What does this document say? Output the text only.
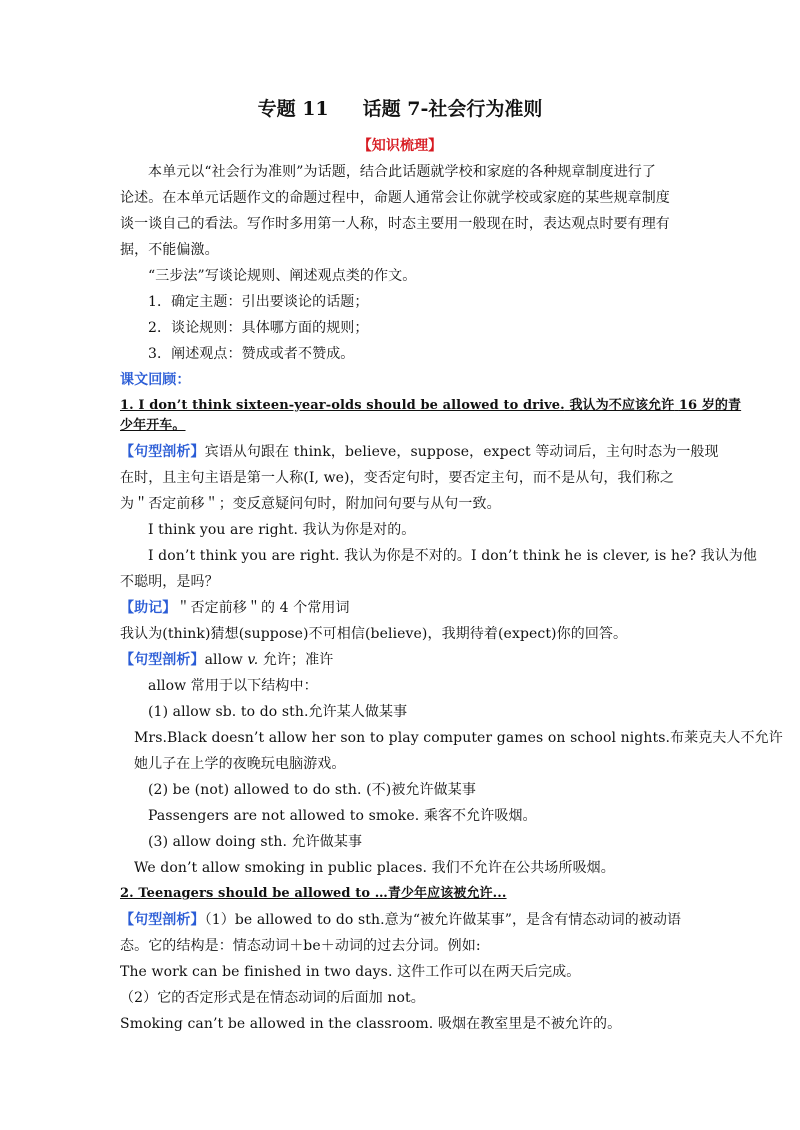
专题 11 话题 7-社会行为准则
【知识梳理】
本单元以“社会行为准则”为话题，结合此话题就学校和家庭的各种规章制度进行了
论述。在本单元话题作文的命题过程中，命题人通常会让你就学校或家庭的某些规章制度
谈一谈自己的看法。写作时多用第一人称，时态主要用一般现在时，表达观点时要有理有
据，不能偏激。
“三步法”写谈论规则、阐述观点类的作文。
1．确定主题：引出要谈论的话题；
2．谈论规则：具体哪方面的规则；
3．阐述观点：赞成或者不赞成。
课文回顾：
1. I don’t think sixteen-year-olds should be allowed to drive. 我认为不应该允许 16 岁的青
少年开车。
【句型剖析】宾语从句跟在 think，believe，suppose，expect 等动词后，主句时态为一般现
在时，且主句主语是第一人称(I, we)，变否定句时，要否定主句，而不是从句，我们称之
为＂否定前移＂；变反意疑问句时，附加问句要与从句一致。
I think you are right. 我认为你是对的。
I don’t think you are right. 我认为你是不对的。I don’t think he is clever, is he? 我认为他
不聪明，是吗？
【助记】＂否定前移＂的 4 个常用词
我认为(think)猜想(suppose)不可相信(believe)，我期待着(expect)你的回答。
【句型剖析】allow v. 允许；准许
allow 常用于以下结构中：
(1) allow sb. to do sth.允许某人做某事
Mrs.Black doesn’t allow her son to play computer games on school nights.布莱克夫人不允许
她儿子在上学的夜晚玩电脑游戏。
(2) be (not) allowed to do sth. (不)被允许做某事
Passengers are not allowed to smoke. 乘客不允许吸烟。
(3) allow doing sth. 允许做某事
We don’t allow smoking in public places. 我们不允许在公共场所吸烟。
2. Teenagers should be allowed to …青少年应该被允许...
【句型剖析】（1）be allowed to do sth.意为“被允许做某事”，是含有情态动词的被动语
态。它的结构是：情态动词＋be＋动词的过去分词。例如:
The work can be finished in two days. 这件工作可以在两天后完成。
（2）它的否定形式是在情态动词的后面加 not。
Smoking can’t be allowed in the classroom. 吸烟在教室里是不被允许的。
